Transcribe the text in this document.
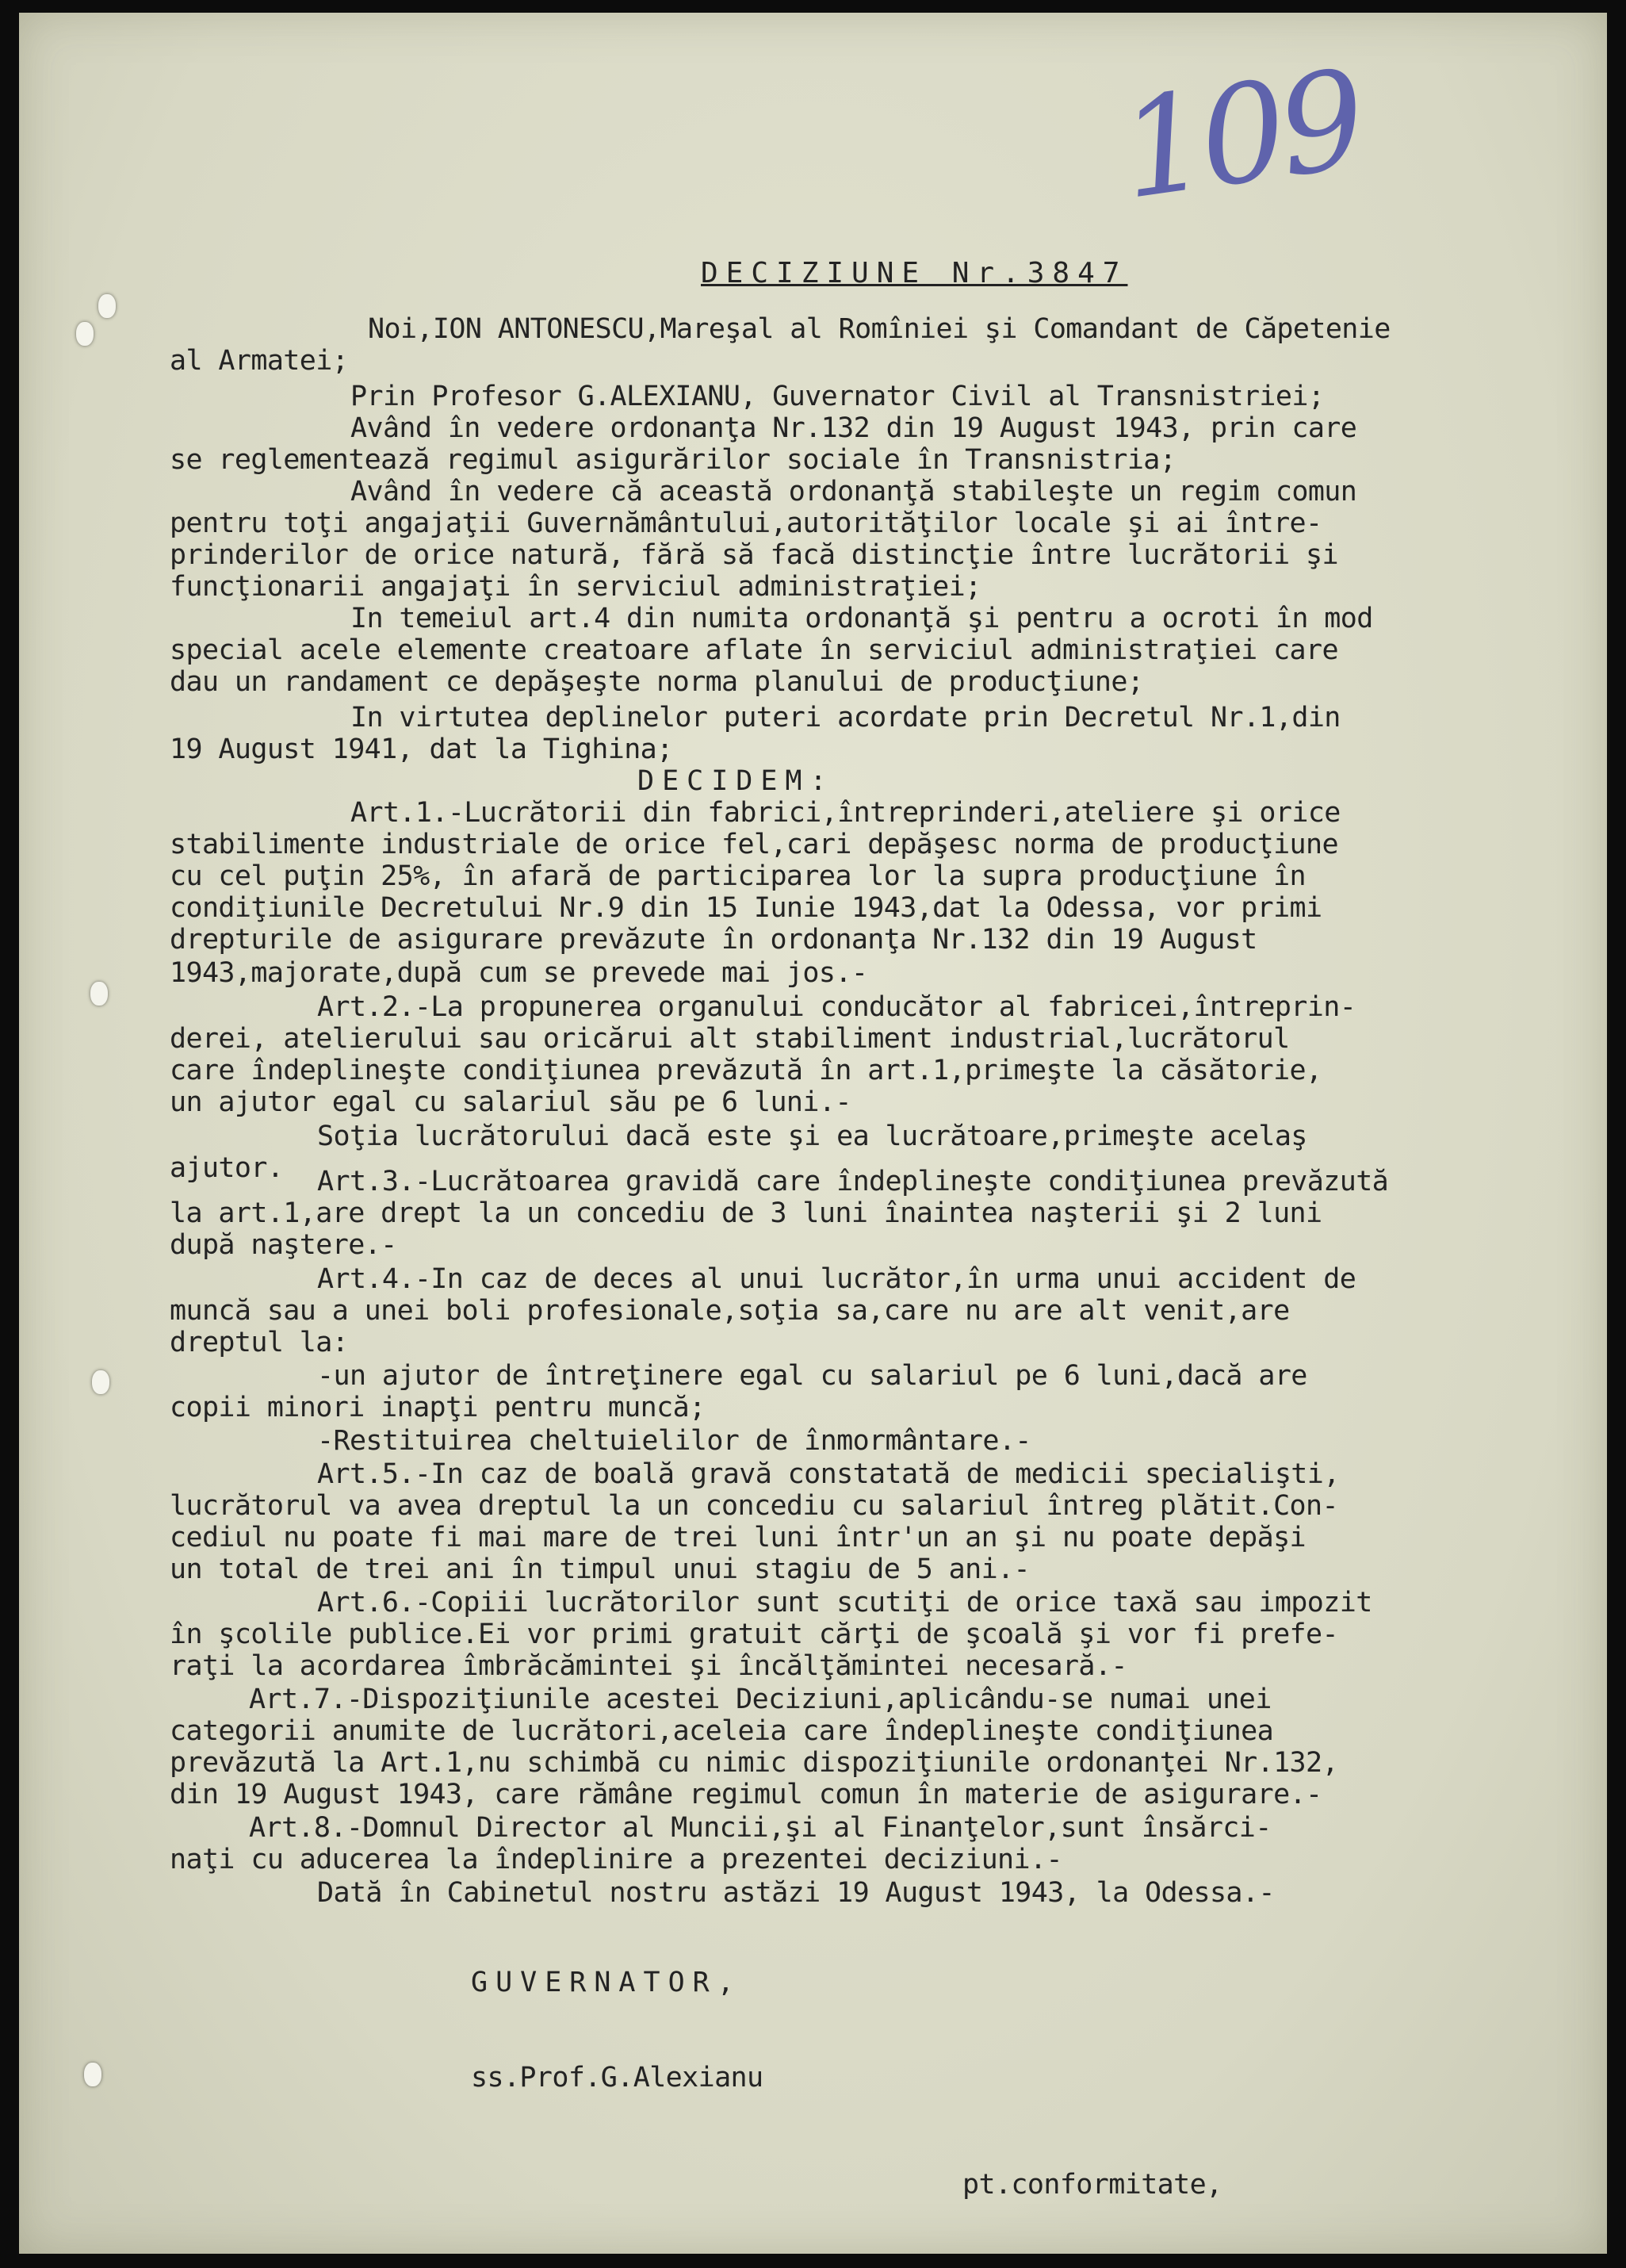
109
DECIZIUNE Nr.3847
Noi,ION ANTONESCU,Mareşal al Romîniei şi Comandant de Căpetenie
al Armatei;
Prin Profesor G.ALEXIANU, Guvernator Civil al Transnistriei;
Având în vedere ordonanţa Nr.132 din 19 August 1943, prin care
se reglementează regimul asigurărilor sociale în Transnistria;
Având în vedere că această ordonanţă stabileşte un regim comun
pentru toţi angajaţii Guvernământului,autorităţilor locale şi ai între-
prinderilor de orice natură, fără să facă distincţie între lucrătorii şi
funcţionarii angajaţi în serviciul administraţiei;
In temeiul art.4 din numita ordonanţă şi pentru a ocroti în mod
special acele elemente creatoare aflate în serviciul administraţiei care
dau un randament ce depăşeşte norma planului de producţiune;
In virtutea deplinelor puteri acordate prin Decretul Nr.1,din
19 August 1941, dat la Tighina;
DECIDEM:
Art.1.-Lucrătorii din fabrici,întreprinderi,ateliere şi orice
stabilimente industriale de orice fel,cari depăşesc norma de producţiune
cu cel puţin 25%, în afară de participarea lor la supra producţiune în
condiţiunile Decretului Nr.9 din 15 Iunie 1943,dat la Odessa, vor primi
drepturile de asigurare prevăzute în ordonanţa Nr.132 din 19 August
1943,majorate,după cum se prevede mai jos.-
Art.2.-La propunerea organului conducător al fabricei,întreprin-
derei, atelierului sau oricărui alt stabiliment industrial,lucrătorul
care îndeplineşte condiţiunea prevăzută în art.1,primeşte la căsătorie,
un ajutor egal cu salariul său pe 6 luni.-
Soţia lucrătorului dacă este şi ea lucrătoare,primeşte acelaş
ajutor. Art.3.-Lucrătoarea gravidă care îndeplineşte condiţiunea prevăzută
la art.1,are drept la un concediu de 3 luni înaintea naşterii şi 2 luni
după naştere.-
Art.4.-In caz de deces al unui lucrător,în urma unui accident de
muncă sau a unei boli profesionale,soţia sa,care nu are alt venit,are
dreptul la:
-un ajutor de întreţinere egal cu salariul pe 6 luni,dacă are
copii minori inapţi pentru muncă;
-Restituirea cheltuielilor de înmormântare.-
Art.5.-In caz de boală gravă constatată de medicii specialişti,
lucrătorul va avea dreptul la un concediu cu salariul întreg plătit.Con-
cediul nu poate fi mai mare de trei luni într'un an şi nu poate depăşi
un total de trei ani în timpul unui stagiu de 5 ani.-
Art.6.-Copiii lucrătorilor sunt scutiţi de orice taxă sau impozit
în şcolile publice.Ei vor primi gratuit cărţi de şcoală şi vor fi prefe-
raţi la acordarea îmbrăcămintei şi încălţămintei necesară.-
Art.7.-Dispoziţiunile acestei Deciziuni,aplicându-se numai unei
categorii anumite de lucrători,aceleia care îndeplineşte condiţiunea
prevăzută la Art.1,nu schimbă cu nimic dispoziţiunile ordonanţei Nr.132,
din 19 August 1943, care rămâne regimul comun în materie de asigurare.-
Art.8.-Domnul Director al Muncii,şi al Finanţelor,sunt însărci-
naţi cu aducerea la îndeplinire a prezentei deciziuni.-
Dată în Cabinetul nostru astăzi 19 August 1943, la Odessa.-
GUVERNATOR,
ss.Prof.G.Alexianu
pt.conformitate,
